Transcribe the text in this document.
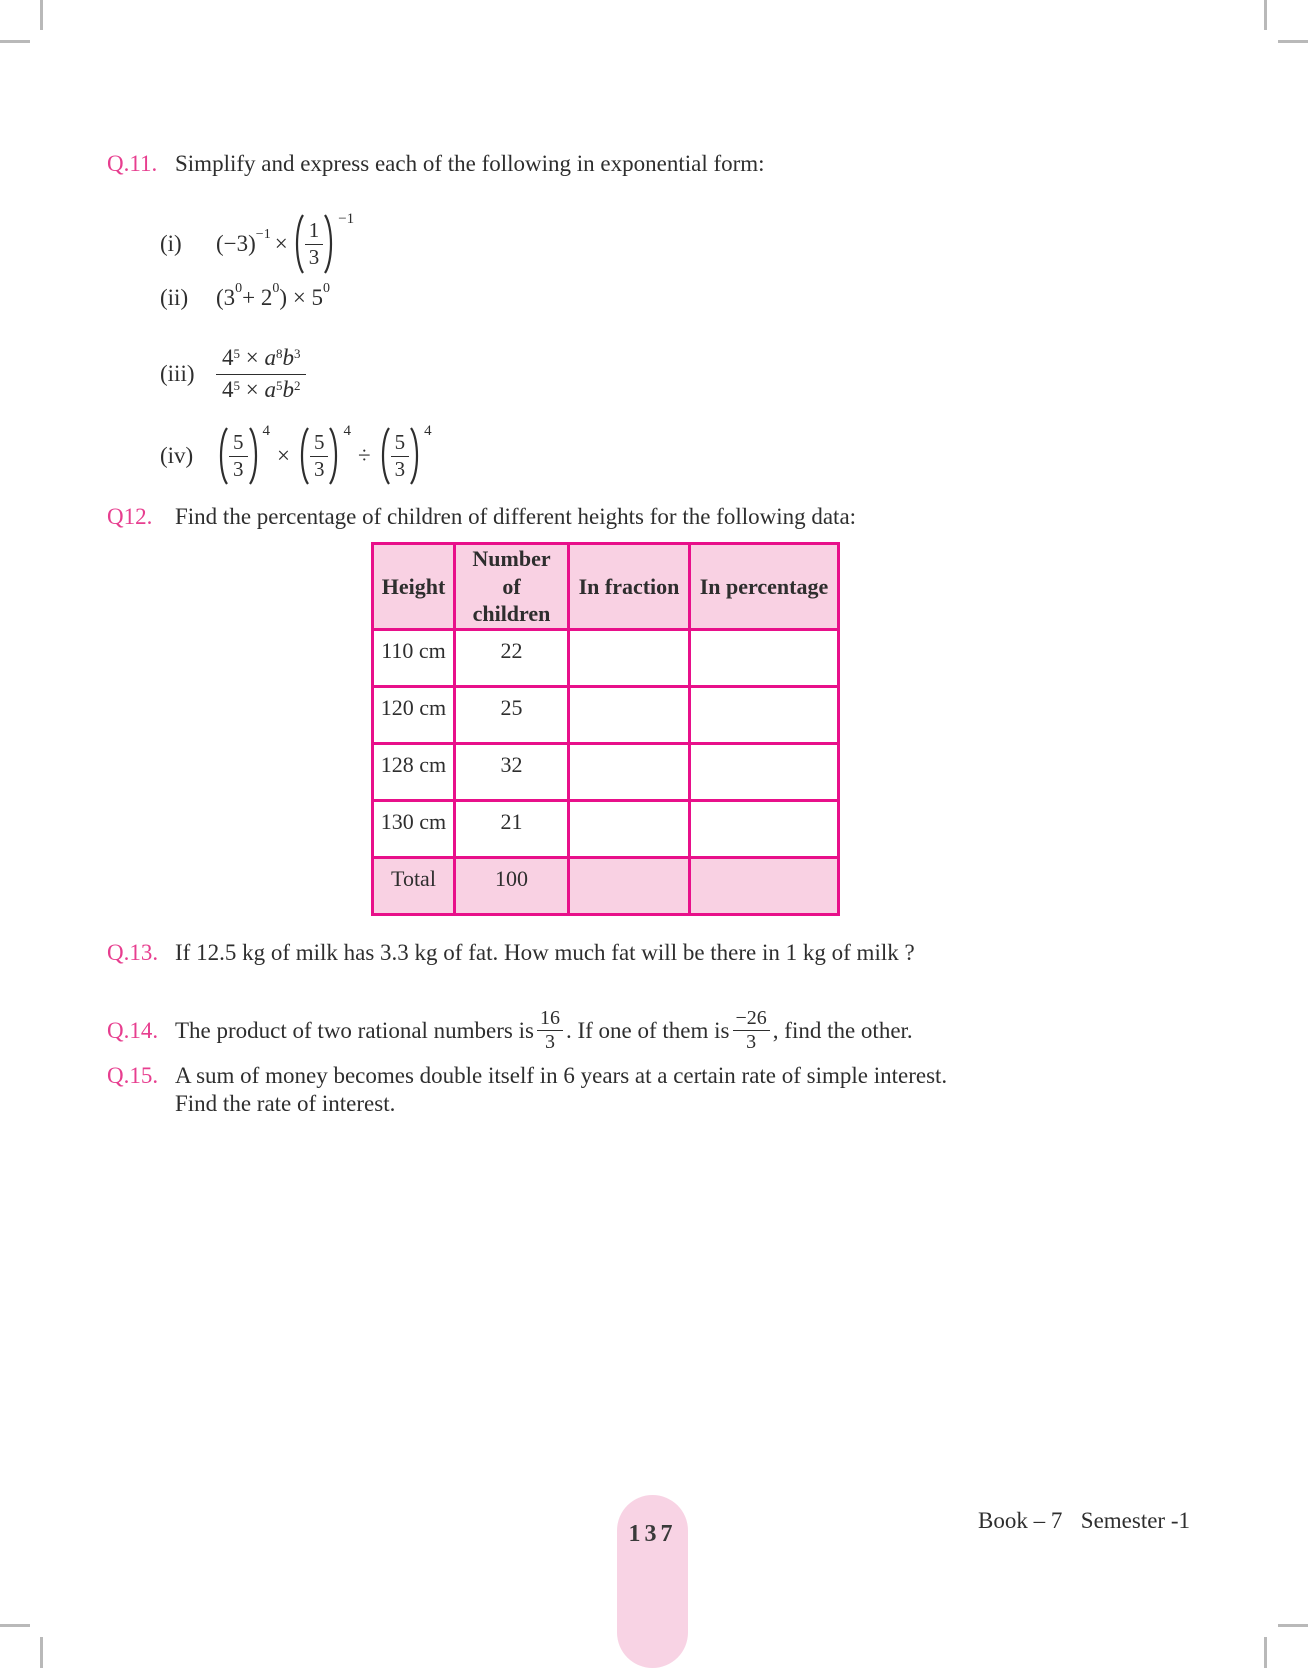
Q.11. Simplify and express each of the following in exponential form:
(i)	$(-3) -1 \times \frac{1}{3}$
−1
(ii)	(3 0 + 2 0 ) × 5 0
$(iii) \frac{4^5 \times a^8b^3}{4^5 \times a^5b^2}$
(iv)	$\frac{5}{3}$
4
× $\frac{5}{3}$
4
÷ $\frac{5}{3}$
4
Q12. Find the percentage of children of different heights for the following data:
Height	Number of children	In fraction	In percentage
110 cm	22		
120 cm	25		
128 cm	32		
130 cm	21		
Total	100		
Q.13. If 12.5 kg of milk has 3.3 kg of fat. How much fat will be there in 1 kg of milk ?
Q.14. The product of two rational numbers is $\frac{16}{3}$ . If one of them is $\frac{-26}{3}$ , find the other.
Q.15. A sum of money becomes double itself in 6 years at a certain rate of simple interest.
Find the rate of interest.
137
Book – 7 Semester -1
